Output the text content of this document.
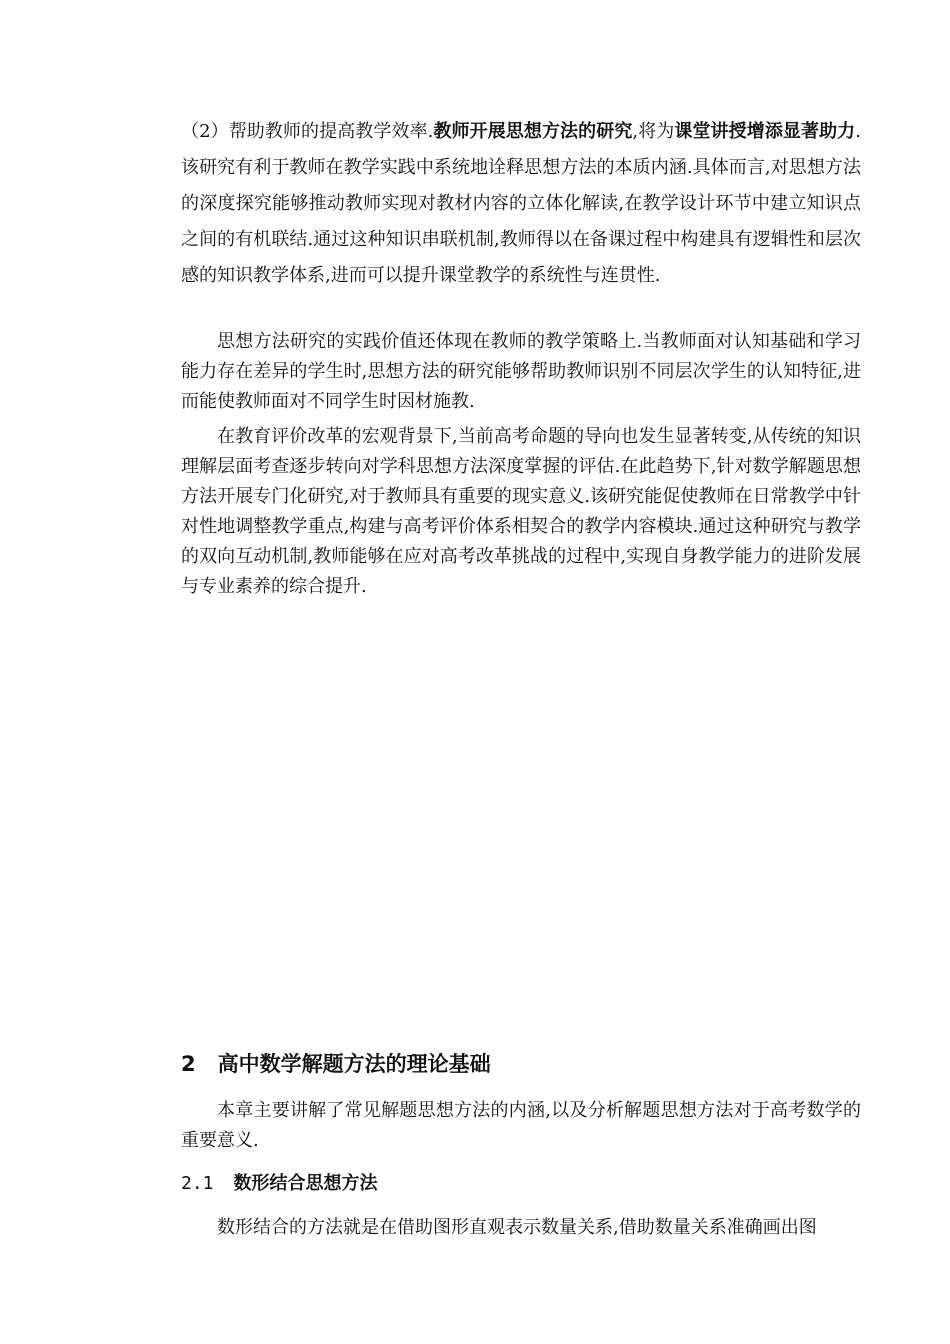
（2）帮助教师的提高教学效率.教师开展思想方法的研究,将为课堂讲授增添显著助力.该研究有利于教师在教学实践中系统地诠释思想方法的本质内涵.具体而言,对思想方法的深度探究能够推动教师实现对教材内容的立体化解读,在教学设计环节中建立知识点之间的有机联结.通过这种知识串联机制,教师得以在备课过程中构建具有逻辑性和层次感的知识教学体系,进而可以提升课堂教学的系统性与连贯性.

思想方法研究的实践价值还体现在教师的教学策略上.当教师面对认知基础和学习能力存在差异的学生时,思想方法的研究能够帮助教师识别不同层次学生的认知特征,进而能使教师面对不同学生时因材施教.

在教育评价改革的宏观背景下,当前高考命题的导向也发生显著转变,从传统的知识理解层面考查逐步转向对学科思想方法深度掌握的评估.在此趋势下,针对数学解题思想方法开展专门化研究,对于教师具有重要的现实意义.该研究能促使教师在日常教学中针对性地调整教学重点,构建与高考评价体系相契合的教学内容模块.通过这种研究与教学的双向互动机制,教师能够在应对高考改革挑战的过程中,实现自身教学能力的进阶发展与专业素养的综合提升.

2 高中数学解题方法的理论基础

本章主要讲解了常见解题思想方法的内涵,以及分析解题思想方法对于高考数学的重要意义.

2.1 数形结合思想方法

数形结合的方法就是在借助图形直观表示数量关系,借助数量关系准确画出图
